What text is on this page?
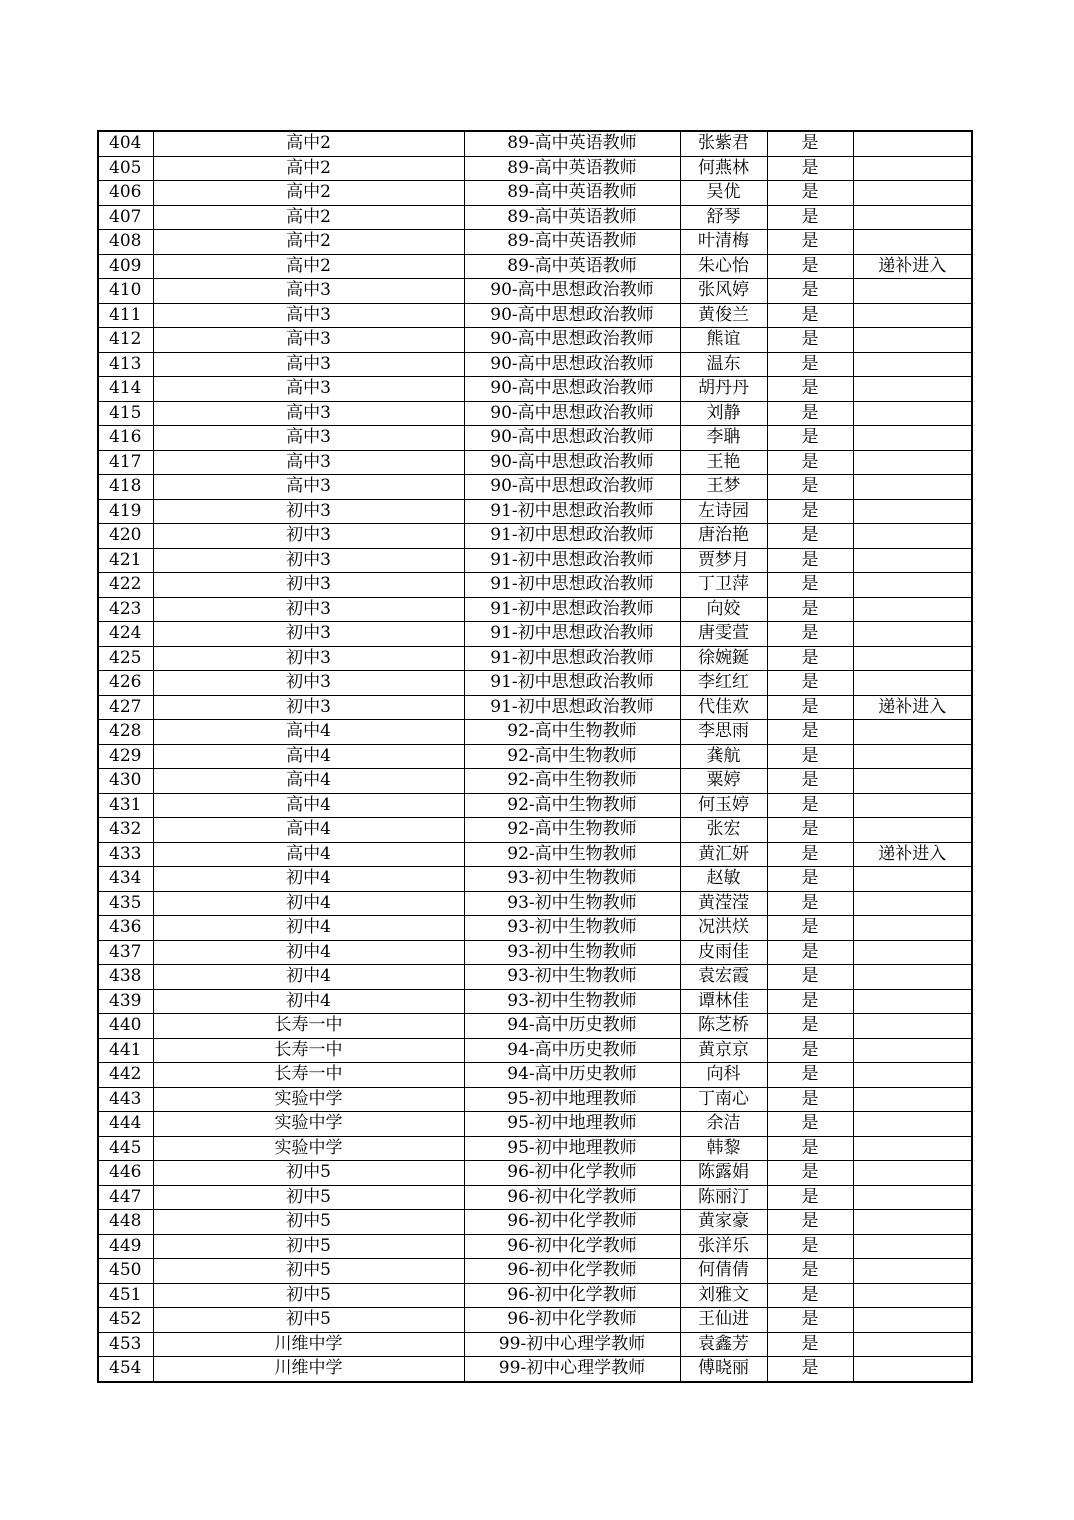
404	高中2	89-高中英语教师	张紫君	是	
405	高中2	89-高中英语教师	何燕林	是	
406	高中2	89-高中英语教师	吴优	是	
407	高中2	89-高中英语教师	舒琴	是	
408	高中2	89-高中英语教师	叶清梅	是	
409	高中2	89-高中英语教师	朱心怡	是	递补进入
410	高中3	90-高中思想政治教师	张风婷	是	
411	高中3	90-高中思想政治教师	黄俊兰	是	
412	高中3	90-高中思想政治教师	熊谊	是	
413	高中3	90-高中思想政治教师	温东	是	
414	高中3	90-高中思想政治教师	胡丹丹	是	
415	高中3	90-高中思想政治教师	刘静	是	
416	高中3	90-高中思想政治教师	李聃	是	
417	高中3	90-高中思想政治教师	王艳	是	
418	高中3	90-高中思想政治教师	王梦	是	
419	初中3	91-初中思想政治教师	左诗园	是	
420	初中3	91-初中思想政治教师	唐治艳	是	
421	初中3	91-初中思想政治教师	贾梦月	是	
422	初中3	91-初中思想政治教师	丁卫萍	是	
423	初中3	91-初中思想政治教师	向姣	是	
424	初中3	91-初中思想政治教师	唐雯萱	是	
425	初中3	91-初中思想政治教师	徐婉鋋	是	
426	初中3	91-初中思想政治教师	李红红	是	
427	初中3	91-初中思想政治教师	代佳欢	是	递补进入
428	高中4	92-高中生物教师	李思雨	是	
429	高中4	92-高中生物教师	龚航	是	
430	高中4	92-高中生物教师	粟婷	是	
431	高中4	92-高中生物教师	何玉婷	是	
432	高中4	92-高中生物教师	张宏	是	
433	高中4	92-高中生物教师	黄汇妍	是	递补进入
434	初中4	93-初中生物教师	赵敏	是	
435	初中4	93-初中生物教师	黄滢滢	是	
436	初中4	93-初中生物教师	况洪烪	是	
437	初中4	93-初中生物教师	皮雨佳	是	
438	初中4	93-初中生物教师	袁宏霞	是	
439	初中4	93-初中生物教师	谭林佳	是	
440	长寿一中	94-高中历史教师	陈芝桥	是	
441	长寿一中	94-高中历史教师	黄京京	是	
442	长寿一中	94-高中历史教师	向科	是	
443	实验中学	95-初中地理教师	丁南心	是	
444	实验中学	95-初中地理教师	余洁	是	
445	实验中学	95-初中地理教师	韩黎	是	
446	初中5	96-初中化学教师	陈露娟	是	
447	初中5	96-初中化学教师	陈丽汀	是	
448	初中5	96-初中化学教师	黄家豪	是	
449	初中5	96-初中化学教师	张洋乐	是	
450	初中5	96-初中化学教师	何倩倩	是	
451	初中5	96-初中化学教师	刘雅文	是	
452	初中5	96-初中化学教师	王仙进	是	
453	川维中学	99-初中心理学教师	袁鑫芳	是	
454	川维中学	99-初中心理学教师	傅晓丽	是	
